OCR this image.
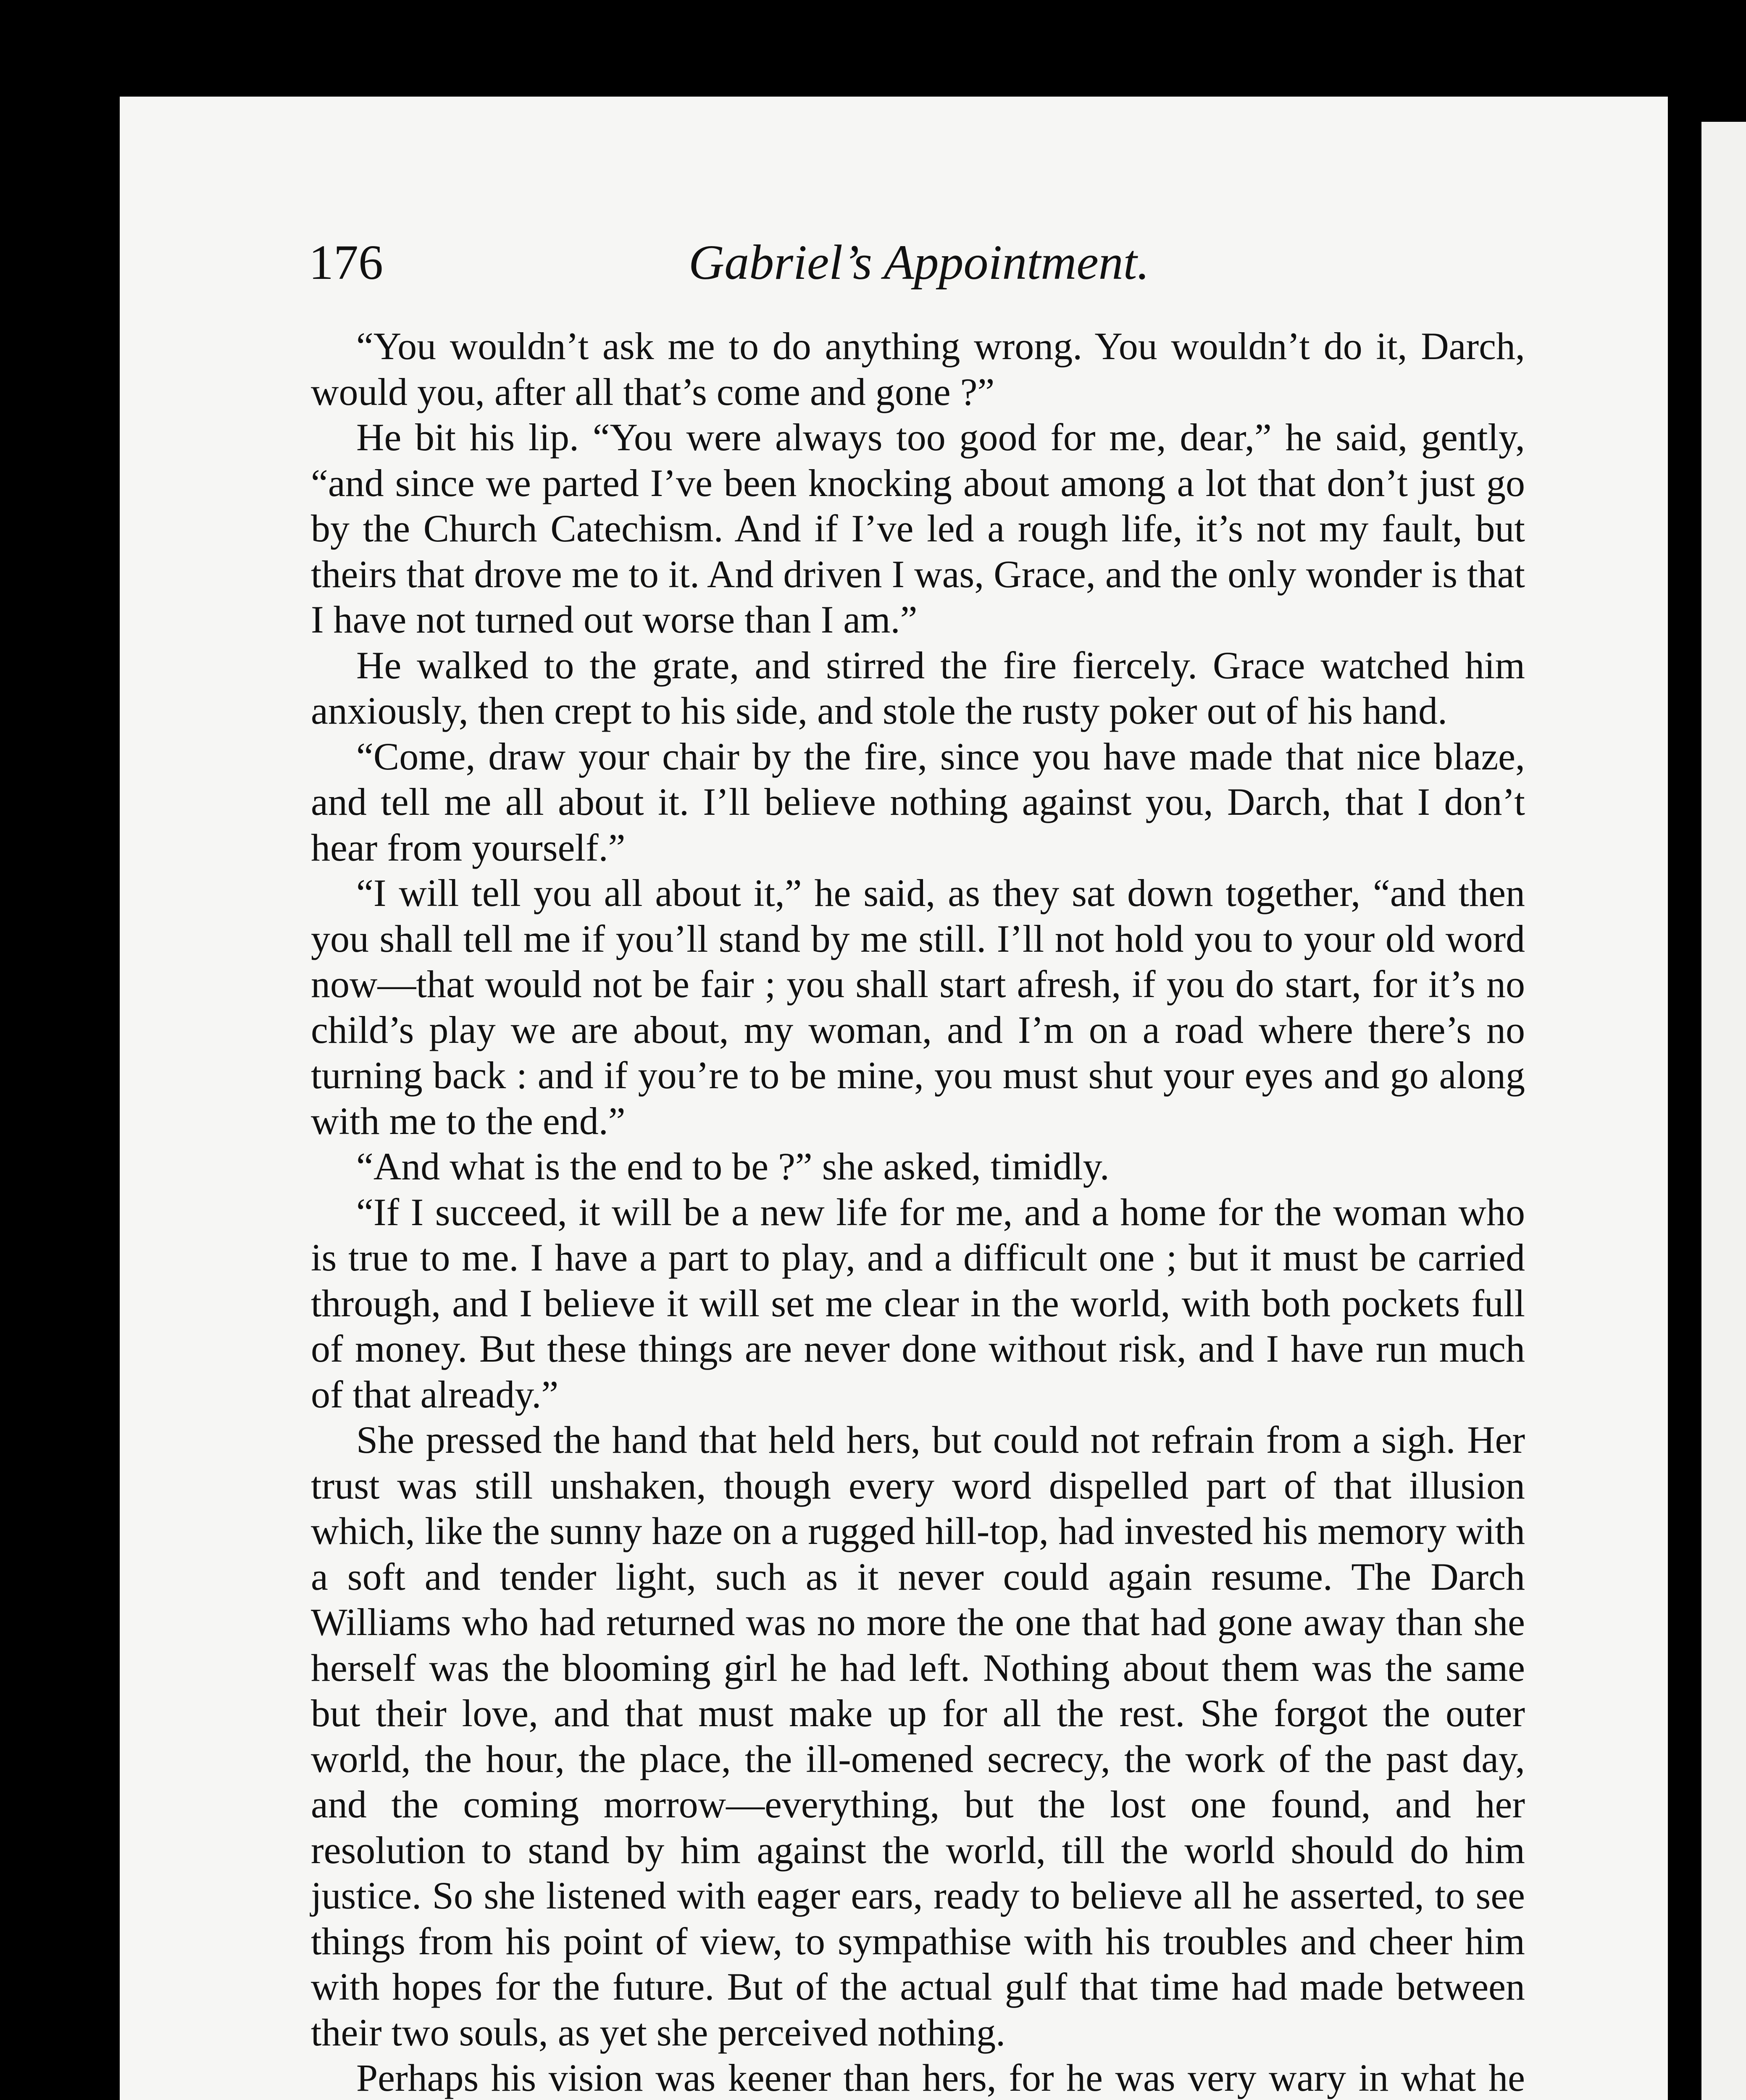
176	Gabriel’s Appointment.

“You wouldn’t ask me to do anything wrong. You wouldn’t do it, Darch, would you, after all that’s come and gone ?”

He bit his lip. “You were always too good for me, dear,” he said, gently, “and since we parted I’ve been knocking about among a lot that don’t just go by the Church Catechism. And if I’ve led a rough life, it’s not my fault, but theirs that drove me to it. And driven I was, Grace, and the only wonder is that I have not turned out worse than I am.”

He walked to the grate, and stirred the fire fiercely. Grace watched him anxiously, then crept to his side, and stole the rusty poker out of his hand.

“Come, draw your chair by the fire, since you have made that nice blaze, and tell me all about it. I’ll believe nothing against you, Darch, that I don’t hear from yourself.”

“I will tell you all about it,” he said, as they sat down together, “and then you shall tell me if you’ll stand by me still. I’ll not hold you to your old word now—that would not be fair ; you shall start afresh, if you do start, for it’s no child’s play we are about, my woman, and I’m on a road where there’s no turning back : and if you’re to be mine, you must shut your eyes and go along with me to the end.”

“And what is the end to be ?” she asked, timidly.

“If I succeed, it will be a new life for me, and a home for the woman who is true to me. I have a part to play, and a difficult one ; but it must be carried through, and I believe it will set me clear in the world, with both pockets full of money. But these things are never done without risk, and I have run much of that already.”

She pressed the hand that held hers, but could not refrain from a sigh. Her trust was still unshaken, though every word dispelled part of that illusion which, like the sunny haze on a rugged hill-top, had invested his memory with a soft and tender light, such as it never could again resume. The Darch Williams who had returned was no more the one that had gone away than she herself was the blooming girl he had left. Nothing about them was the same but their love, and that must make up for all the rest. She forgot the outer world, the hour, the place, the ill-omened secrecy, the work of the past day, and the coming morrow—everything, but the lost one found, and her resolution to stand by him against the world, till the world should do him justice. So she listened with eager ears, ready to believe all he asserted, to see things from his point of view, to sympathise with his troubles and cheer him with hopes for the future. But of the actual gulf that time had made between their two souls, as yet she perceived nothing.

Perhaps his vision was keener than hers, for he was very wary in what he
